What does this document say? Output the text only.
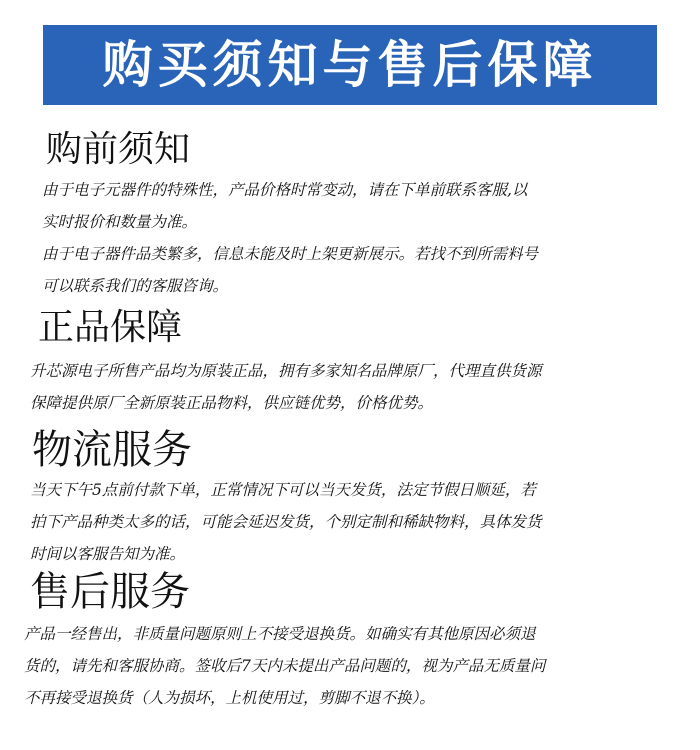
购买须知与售后保障
购前须知

由于电子元器件的特殊性，产品价格时常变动，请在下单前联系客服,以
实时报价和数量为准。

由于电子器件品类繁多，信息未能及时上架更新展示。若找不到所需料号
可以联系我们的客服咨询。

正品保障

升芯源电子所售产品均为原装正品，拥有多家知名品牌原厂，代理直供货源
保障提供原厂全新原装正品物料，供应链优势，价格优势。

物流服务

当天下午5点前付款下单，正常情况下可以当天发货，法定节假日顺延，若
拍下产品种类太多的话，可能会延迟发货，个别定制和稀缺物料，具体发货
时间以客服告知为准。

售后服务

产品一经售出，非质量问题原则上不接受退换货。如确实有其他原因必须退
货的，请先和客服协商。签收后7天内未提出产品问题的，视为产品无质量问
不再接受退换货（人为损坏，上机使用过，剪脚不退不换）。
